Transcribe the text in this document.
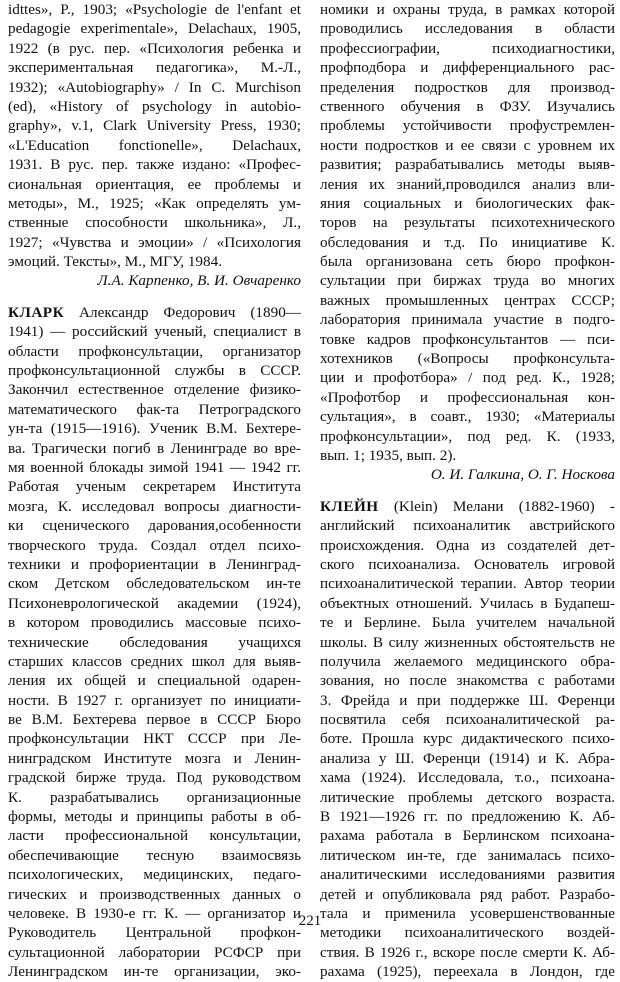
idttes», P., 1903; «Psychologie de l'enfant et
pedagogie experimentale», Delachaux, 1905,
1922 (в рус. пер. «Психология ребенка и
экспериментальная педагогика», М.-Л.,
1932); «Autobiography» / In C. Murchison
(ed), «History of psychology in autobio-
graphy», v.1, Clark University Press, 1930;
«L'Education fonctionelle», Delachaux,
1931. В рус. пер. также издано: «Профес-
сиональная ориентация, ее проблемы и
методы», М., 1925; «Как определять ум-
ственные способности школьника», Л.,
1927; «Чувства и эмоции» / «Психология
эмоций. Тексты», М., МГУ, 1984.
Л.А. Карпенко, В. И. Овчаренко
КЛАРК Александр Федорович (1890—
1941) — российский ученый, специалист в
области профконсультации, организатор
профконсультационной службы в СССР.
Закончил естественное отделение физико-
математического фак-та Петроградского
ун-та (1915—1916). Ученик В.М. Бехтере-
ва. Трагически погиб в Ленинграде во вре-
мя военной блокады зимой 1941 — 1942 гг.
Работая ученым секретарем Института
мозга, К. исследовал вопросы диагности-
ки сценического дарования,особенности
творческого труда. Создал отдел психо-
техники и профориентации в Ленинград-
ском Детском обследовательском ин-те
Психоневрологической академии (1924),
в котором проводились массовые психо-
технические обследования учащихся
старших классов средних школ для выяв-
ления их общей и специальной одарен-
ности. В 1927 г. организует по инициати-
ве В.М. Бехтерева первое в СССР Бюро
профконсультации НКТ СССР при Ле-
нинградском Институте мозга и Ленин-
градской бирже труда. Под руководством
К. разрабатывались организационные
формы, методы и принципы работы в об-
ласти профессиональной консультации,
обеспечивающие тесную взаимосвязь
психологических, медицинских, педаго-
гических и производственных данных о
человеке. В 1930-е гг. К. — организатор и
Руководитель Центральной профкон-
сультационной лаборатории РСФСР при
Ленинградском ин-те организации, эко-
номики и охраны труда, в рамках которой
проводились исследования в области
профессиографии, психодиагностики,
профподбора и дифференциального рас-
пределения подростков для производ-
ственного обучения в ФЗУ. Изучались
проблемы устойчивости профустремлен-
ности подростков и ее связи с уровнем их
развития; разрабатывались методы выяв-
ления их знаний,проводился анализ вли-
яния социальных и биологических фак-
торов на результаты психотехнического
обследования и т.д. По инициативе К.
была организована сеть бюро профкон-
сультации при биржах труда во многих
важных промышленных центрах СССР;
лаборатория принимала участие в подго-
товке кадров профконсультантов — пси-
хотехников («Вопросы профконсульта-
ции и профотбора» / под ред. К., 1928;
«Профотбор и профессиональная кон-
сультация», в соавт., 1930; «Материалы
профконсультации», под ред. К. (1933,
вып. 1; 1935, вып. 2).
О. И. Галкина, О. Г. Носкова
КЛЕЙН (Klein) Мелани (1882-1960) -
английский психоаналитик австрийского
происхождения. Одна из создателей дет-
ского психоанализа. Основатель игровой
психоаналитической терапии. Автор теории
объектных отношений. Училась в Будапеш-
те и Берлине. Была учителем начальной
школы. В силу жизненных обстоятельств не
получила желаемого медицинского обра-
зования, но после знакомства с работами
3. Фрейда и при поддержке Ш. Ференци
посвятила себя психоаналитической ра-
боте. Прошла курс дидактического психо-
анализа у Ш. Ференци (1914) и К. Абра-
хама (1924). Исследовала, т.о., психоана-
литические проблемы детского возраста.
В 1921—1926 гг. по предложению К. Аб-
рахама работала в Берлинском психоана-
литическом ин-те, где занималась психо-
аналитическими исследованиями развития
детей и опубликовала ряд работ. Разрабо-
тала и применила усовершенствованные
методики психоаналитического воздей-
ствия. В 1926 г., вскоре после смерти К. Аб-
рахама (1925), переехала в Лондон, где
221
